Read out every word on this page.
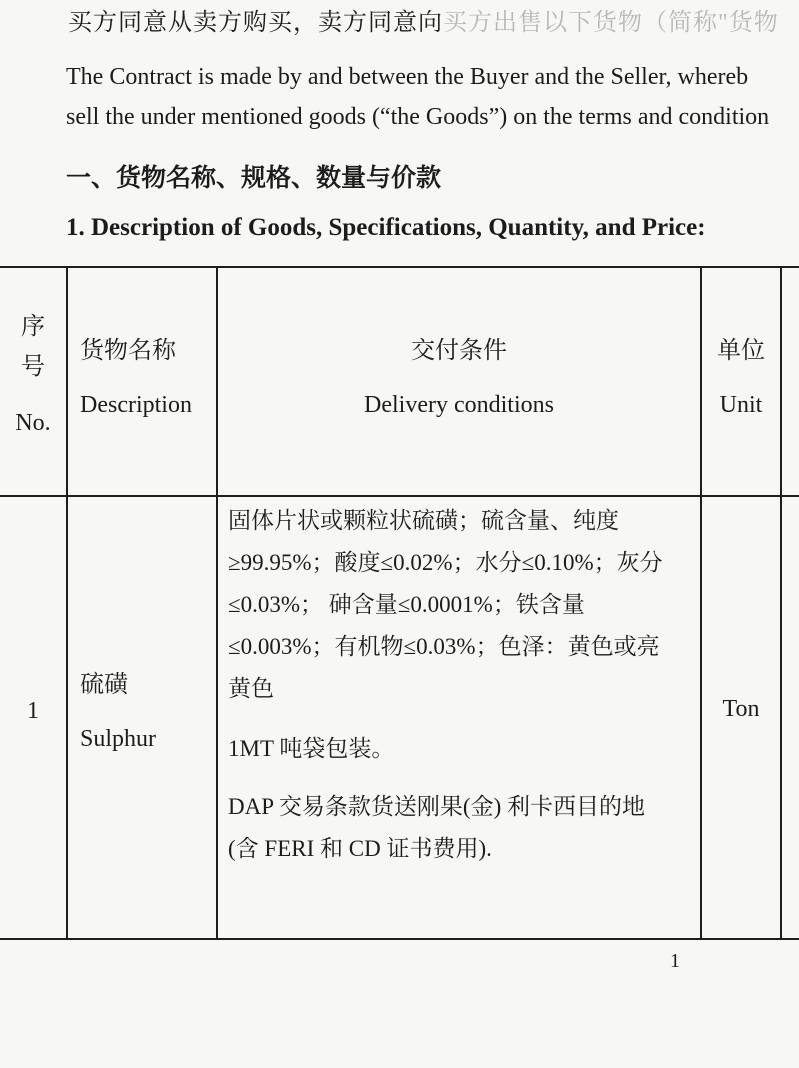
买方同意从卖方购买，卖方同意向买方出售以下货物（简称"货物
The Contract is made by and between the Buyer and the Seller, whereb
sell the under mentioned goods (“the Goods”) on the terms and condition
一、货物名称、规格、数量与价款
1. Description of Goods, Specifications, Quantity, and Price:
序
号
No.
货物名称
Description
交付条件
Delivery conditions
单位
Unit
1
硫磺
Sulphur
固体片状或颗粒状硫磺；硫含量、纯度
≥99.95%；酸度≤0.02%；水分≤0.10%；灰分
≤0.03%； 砷含量≤0.0001%；铁含量
≤0.003%；有机物≤0.03%；色泽：黄色或亮
黄色
1MT 吨袋包装。
DAP 交易条款货送刚果(金) 利卡西目的地
(含 FERI 和 CD 证书费用).
Ton
1
